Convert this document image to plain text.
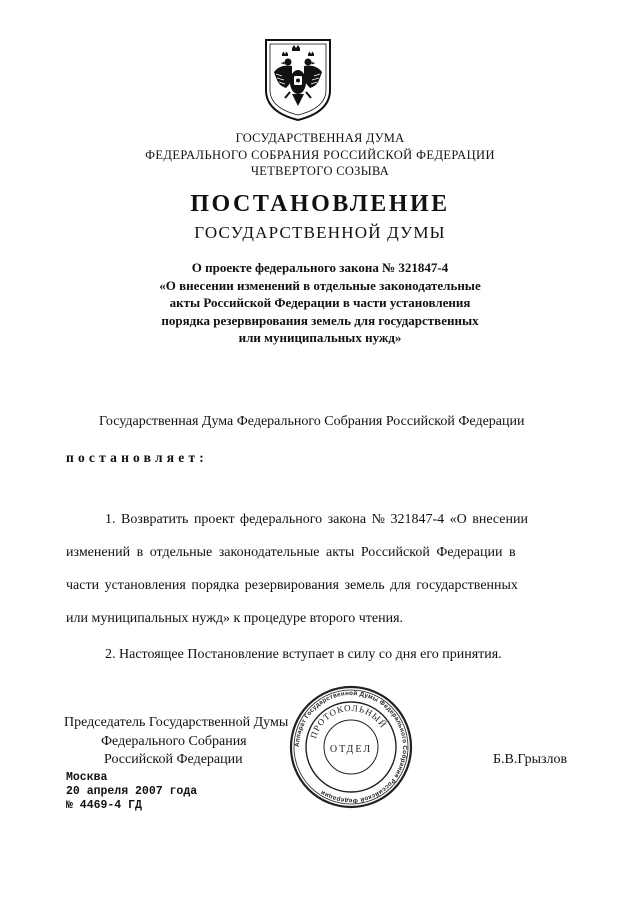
ГОСУДАРСТВЕННАЯ ДУМА
ФЕДЕРАЛЬНОГО СОБРАНИЯ РОССИЙСКОЙ ФЕДЕРАЦИИ
ЧЕТВЕРТОГО СОЗЫВА
ПОСТАНОВЛЕНИЕ
ГОСУДАРСТВЕННОЙ ДУМЫ
О проекте федерального закона № 321847-4
«О внесении изменений в отдельные законодательные
акты Российской Федерации в части установления
порядка резервирования земель для государственных
или муниципальных нужд»
Государственная Дума Федерального Собрания Российской Федерации
постановляет:
1. Возвратить проект федерального закона № 321847-4 «О внесении
изменений в отдельные законодательные акты Российской Федерации в
части установления порядка резервирования земель для государственных
или муниципальных нужд» к процедуре второго чтения.
2. Настоящее Постановление вступает в силу со дня его принятия.
Председатель Государственной Думы
Федерального Собрания
Российской Федерации	Б.В.Грызлов
Москва
20 апреля 2007 года
№ 4469-4 ГД
Аппарат Государственной Думы Федерального Собрания Российской Федерации
ПРОТОКОЛЬНЫЙ
ОТДЕЛ
